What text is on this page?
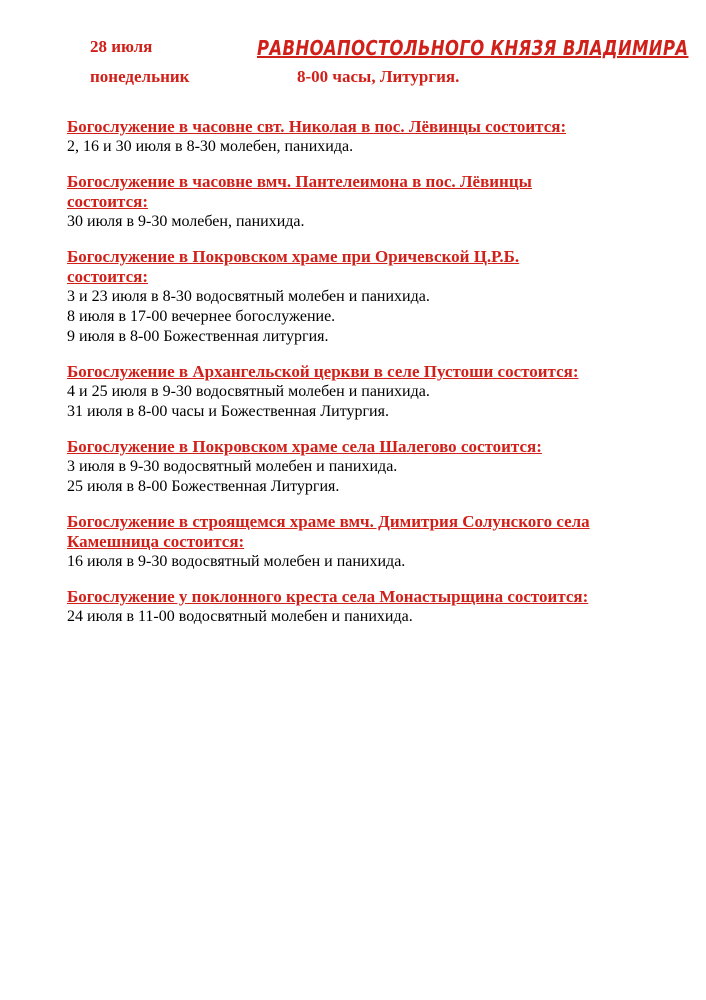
28 июля
понедельник
РАВНОАПОСТОЛЬНОГО КНЯЗЯ ВЛАДИМИРА
8-00 часы, Литургия.
Богослужение в часовне свт. Николая в пос. Лёвинцы состоится:
2, 16 и 30 июля в 8-30 молебен, панихида.
Богослужение в часовне вмч. Пантелеимона в пос. Лёвинцы
состоится:
30 июля в 9-30 молебен, панихида.
Богослужение в Покровском храме при Оричевской Ц.Р.Б.
состоится:
3 и 23 июля в 8-30 водосвятный молебен и панихида.
8 июля в 17-00 вечернее богослужение.
9 июля в 8-00 Божественная литургия.
Богослужение в Архангельской церкви в селе Пустоши состоится:
4 и 25 июля в 9-30 водосвятный молебен и панихида.
31 июля в 8-00 часы и Божественная Литургия.
Богослужение в Покровском храме села Шалегово состоится:
3 июля в 9-30 водосвятный молебен и панихида.
25 июля в 8-00 Божественная Литургия.
Богослужение в строящемся храме вмч. Димитрия Солунского села
Камешница состоится:
16 июля в 9-30 водосвятный молебен и панихида.
Богослужение у поклонного креста села Монастырщина состоится:
24 июля в 11-00 водосвятный молебен и панихида.
